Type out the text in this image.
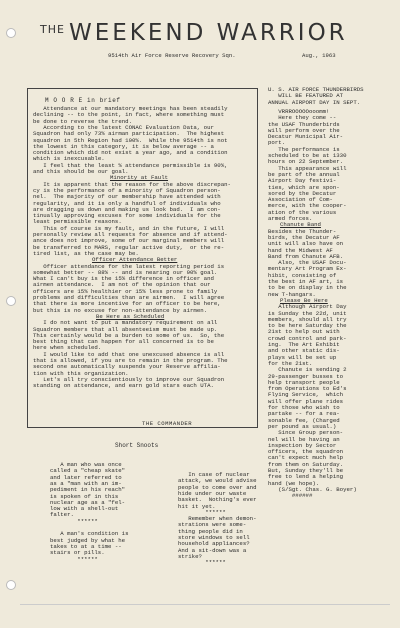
$^{THE}$ WEEKEND WARRIOR
9514th Air Force Reserve Recovery Sqn.	Aug., 1963
M O O R E in brief
THE COMMANDER
U. S. AIR FORCE THUNDERBIRDS
WILL BE FEATURED AT
ANNUAL AIRPORT DAY IN SEPT.
VRRROOOOOooomm!
Here they come --
the USAF Thunderbirds
will perform over the
Decatur Municipal Air-
port.
The performance is
scheduled to be at 1330
hours on 22 September.
This appearance will
be part of the annual
Airport Day festivi-
ties, which are spon-
sored by the Decatur
Association of Com-
merce, with the cooper-
ation of the various
armed forces.
Chanute Band
Besides the Thunder-
birds, the Decatur AF
unit will also have on
hand the Midwest AF
Band from Chanute AFB.
Also, the USAF Docu-
mentary Art Program Ex-
hibit, consisting of
the best in AF art, is
to be on display in the
new T-hangars.
Please Be Here
Although Airport Day
is Sunday the 22d, unit
members, should all try
to be here Saturday the
21st to help out with
crowd control and park-
ing.  The Art Exhibit
and other static dis-
plays will be set up
for the 21st.
Chanute is sending 2
29-passenger busses to
help transport people
from Operations to Ed's
Flying Service,  which
will offer plane rides
for those who wish to
partake -- for a rea-
sonable fee, (Charged
per pound as usual.)
Since Group person-
nel will be having an
inspection by Sector
officers, the squadron
can't expect much help
from them on Saturday.
But, Sunday they'll be
free to lend a helping
hand (we hope).
(S/Sgt. Chas. G. Boyer)
######
Short Snoots
A man who was once
called a "cheap skate"
and later referred to
as a "man with an im-
pediment in his reach"
is spoken of in this
nuclear age as a "fel-
low with a shell-out
falter.
******
A man's condition is
best judged by what he
takes to at a time --
stairs or pills.
******
In case of nuclear
attack, we would advise
people to come over and
hide under our waste
basket.  Nothing's ever
hit it yet.
******
Remember when demon-
strations were some-
thing people did in
store windows to sell
household appliances?
And a sit-down was a
strike?
******
Attendance at our mandatory meetings has been steadily
declining -- to the point, in fact, where something must
be done to reverse the trend.
According to the latest CONAC Evaluation Data, our
Squadron had only 73% airman participation.  The highest
squadron in 5th Region had 100%.  While the 9514th is not
the lowest in this category, it is below average -- a
condition which did not exist a year ago, and a condition
which is inexcusable.
I feel that the least % attendance permissible is 90%,
and this should be our goal.
Minority at Fault
It is apparent that the reason for the above discrepan-
cy is the performance of a minority of Squadron person-
nel.  The majority of our membership have attended with
regularity, and it is only a handful of individuals who
are dragging us down and making us look bad.  I am con-
tinually approving excuses for some individuals for the
least permissible reasons.
This of course is my fault, and in the future, I will
personally review all requests for absence and if attend-
ance does not improve, some of our marginal members will
be transferred to MARS, regular active duty,  or the re-
tired list, as the case may be.
Officer Attendance Better
Officer attendance for the latest reporting period is
somewhat better -- 88% -- and is nearing our 90% goal.
What I can't buy is the 15% difference in officer and
airmen attendance.  I am not of the opinion that our
officers are 15% healthier or 15% less prone to family
problems and difficulties than are airmen.  I will agree
that there is more incentive for an officer to be here,
but this is no excuse for non-attendance by airmen.
Be Here as Scheduled
I do not want to put a mandatory requirement on all
Squadron members that all absenteeism must be made up.
This certainly would be a burden to some of us.  So, the
best thing that can happen for all concerned is to be
here when scheduled.
I would like to add that one unexcused absence is all
that is allowed, if you are to remain in the program. The
second one automatically suspends your Reserve affilia-
tion with this organization.
Let's all try conscientiously to improve our Squadron
standing on attendance, and earn gold stars each UTA.
